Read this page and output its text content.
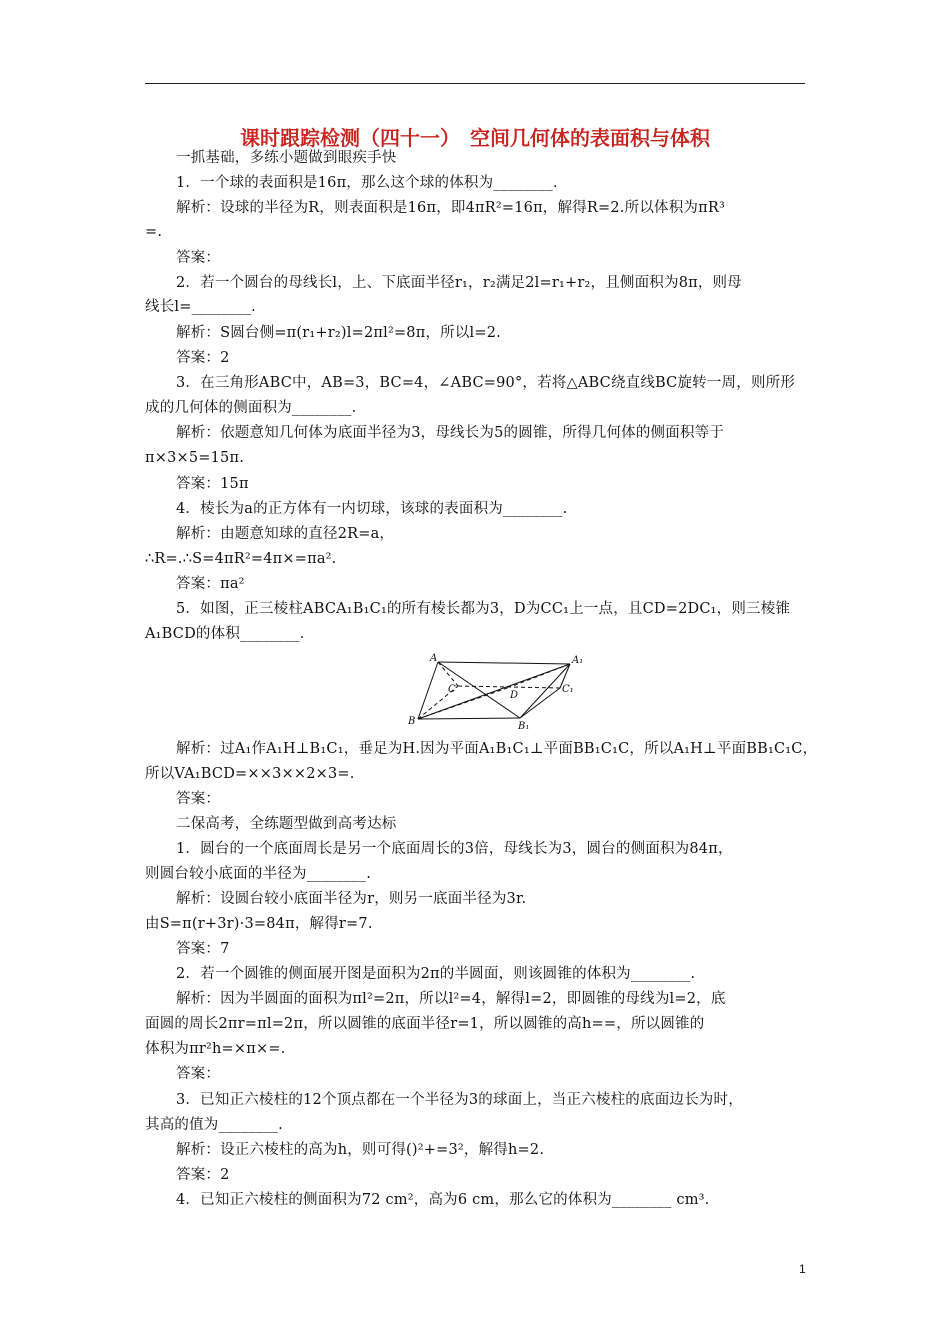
课时跟踪检测（四十一）　空间几何体的表面积与体积
一抓基础，多练小题做到眼疾手快
1．一个球的表面积是16π，那么这个球的体积为________.
解析：设球的半径为R，则表面积是16π，即4πR²=16π，解得R=2.所以体积为πR³
=.
答案：
2．若一个圆台的母线长l，上、下底面半径r₁，r₂满足2l=r₁+r₂，且侧面积为8π，则母
线长l=________.
解析：S圆台侧=π(r₁+r₂)l=2πl²=8π，所以l=2.
答案：2
3．在三角形ABC中，AB=3，BC=4，∠ABC=90°，若将△ABC绕直线BC旋转一周，则所形
成的几何体的侧面积为________.
解析：依题意知几何体为底面半径为3，母线长为5的圆锥，所得几何体的侧面积等于
π×3×5=15π.
答案：15π
4．棱长为a的正方体有一内切球，该球的表面积为________.
解析：由题意知球的直径2R=a，
∴R=.∴S=4πR²=4π×=πa².
答案：πa²
5．如图，正三棱柱ABCA₁B₁C₁的所有棱长都为3，D为CC₁上一点，且CD=2DC₁，则三棱锥
A₁BCD的体积________.
A	A₁
C
D
C₁
B	B₁
解析：过A₁作A₁H⊥B₁C₁，垂足为H.因为平面A₁B₁C₁⊥平面BB₁C₁C，所以A₁H⊥平面BB₁C₁C，
所以VA₁BCD=××3××2×3=.
答案：
二保高考，全练题型做到高考达标
1．圆台的一个底面周长是另一个底面周长的3倍，母线长为3，圆台的侧面积为84π，
则圆台较小底面的半径为________.
解析：设圆台较小底面半径为r，则另一底面半径为3r.
由S=π(r+3r)·3=84π，解得r=7.
答案：7
2．若一个圆锥的侧面展开图是面积为2π的半圆面，则该圆锥的体积为________.
解析：因为半圆面的面积为πl²=2π，所以l²=4，解得l=2，即圆锥的母线为l=2，底
面圆的周长2πr=πl=2π，所以圆锥的底面半径r=1，所以圆锥的高h==，所以圆锥的
体积为πr²h=×π×=.
答案：
3．已知正六棱柱的12个顶点都在一个半径为3的球面上，当正六棱柱的底面边长为时，
其高的值为________.
解析：设正六棱柱的高为h，则可得()²+=3²，解得h=2.
答案：2
4．已知正六棱柱的侧面积为72 cm²，高为6 cm，那么它的体积为________ cm³.
1
